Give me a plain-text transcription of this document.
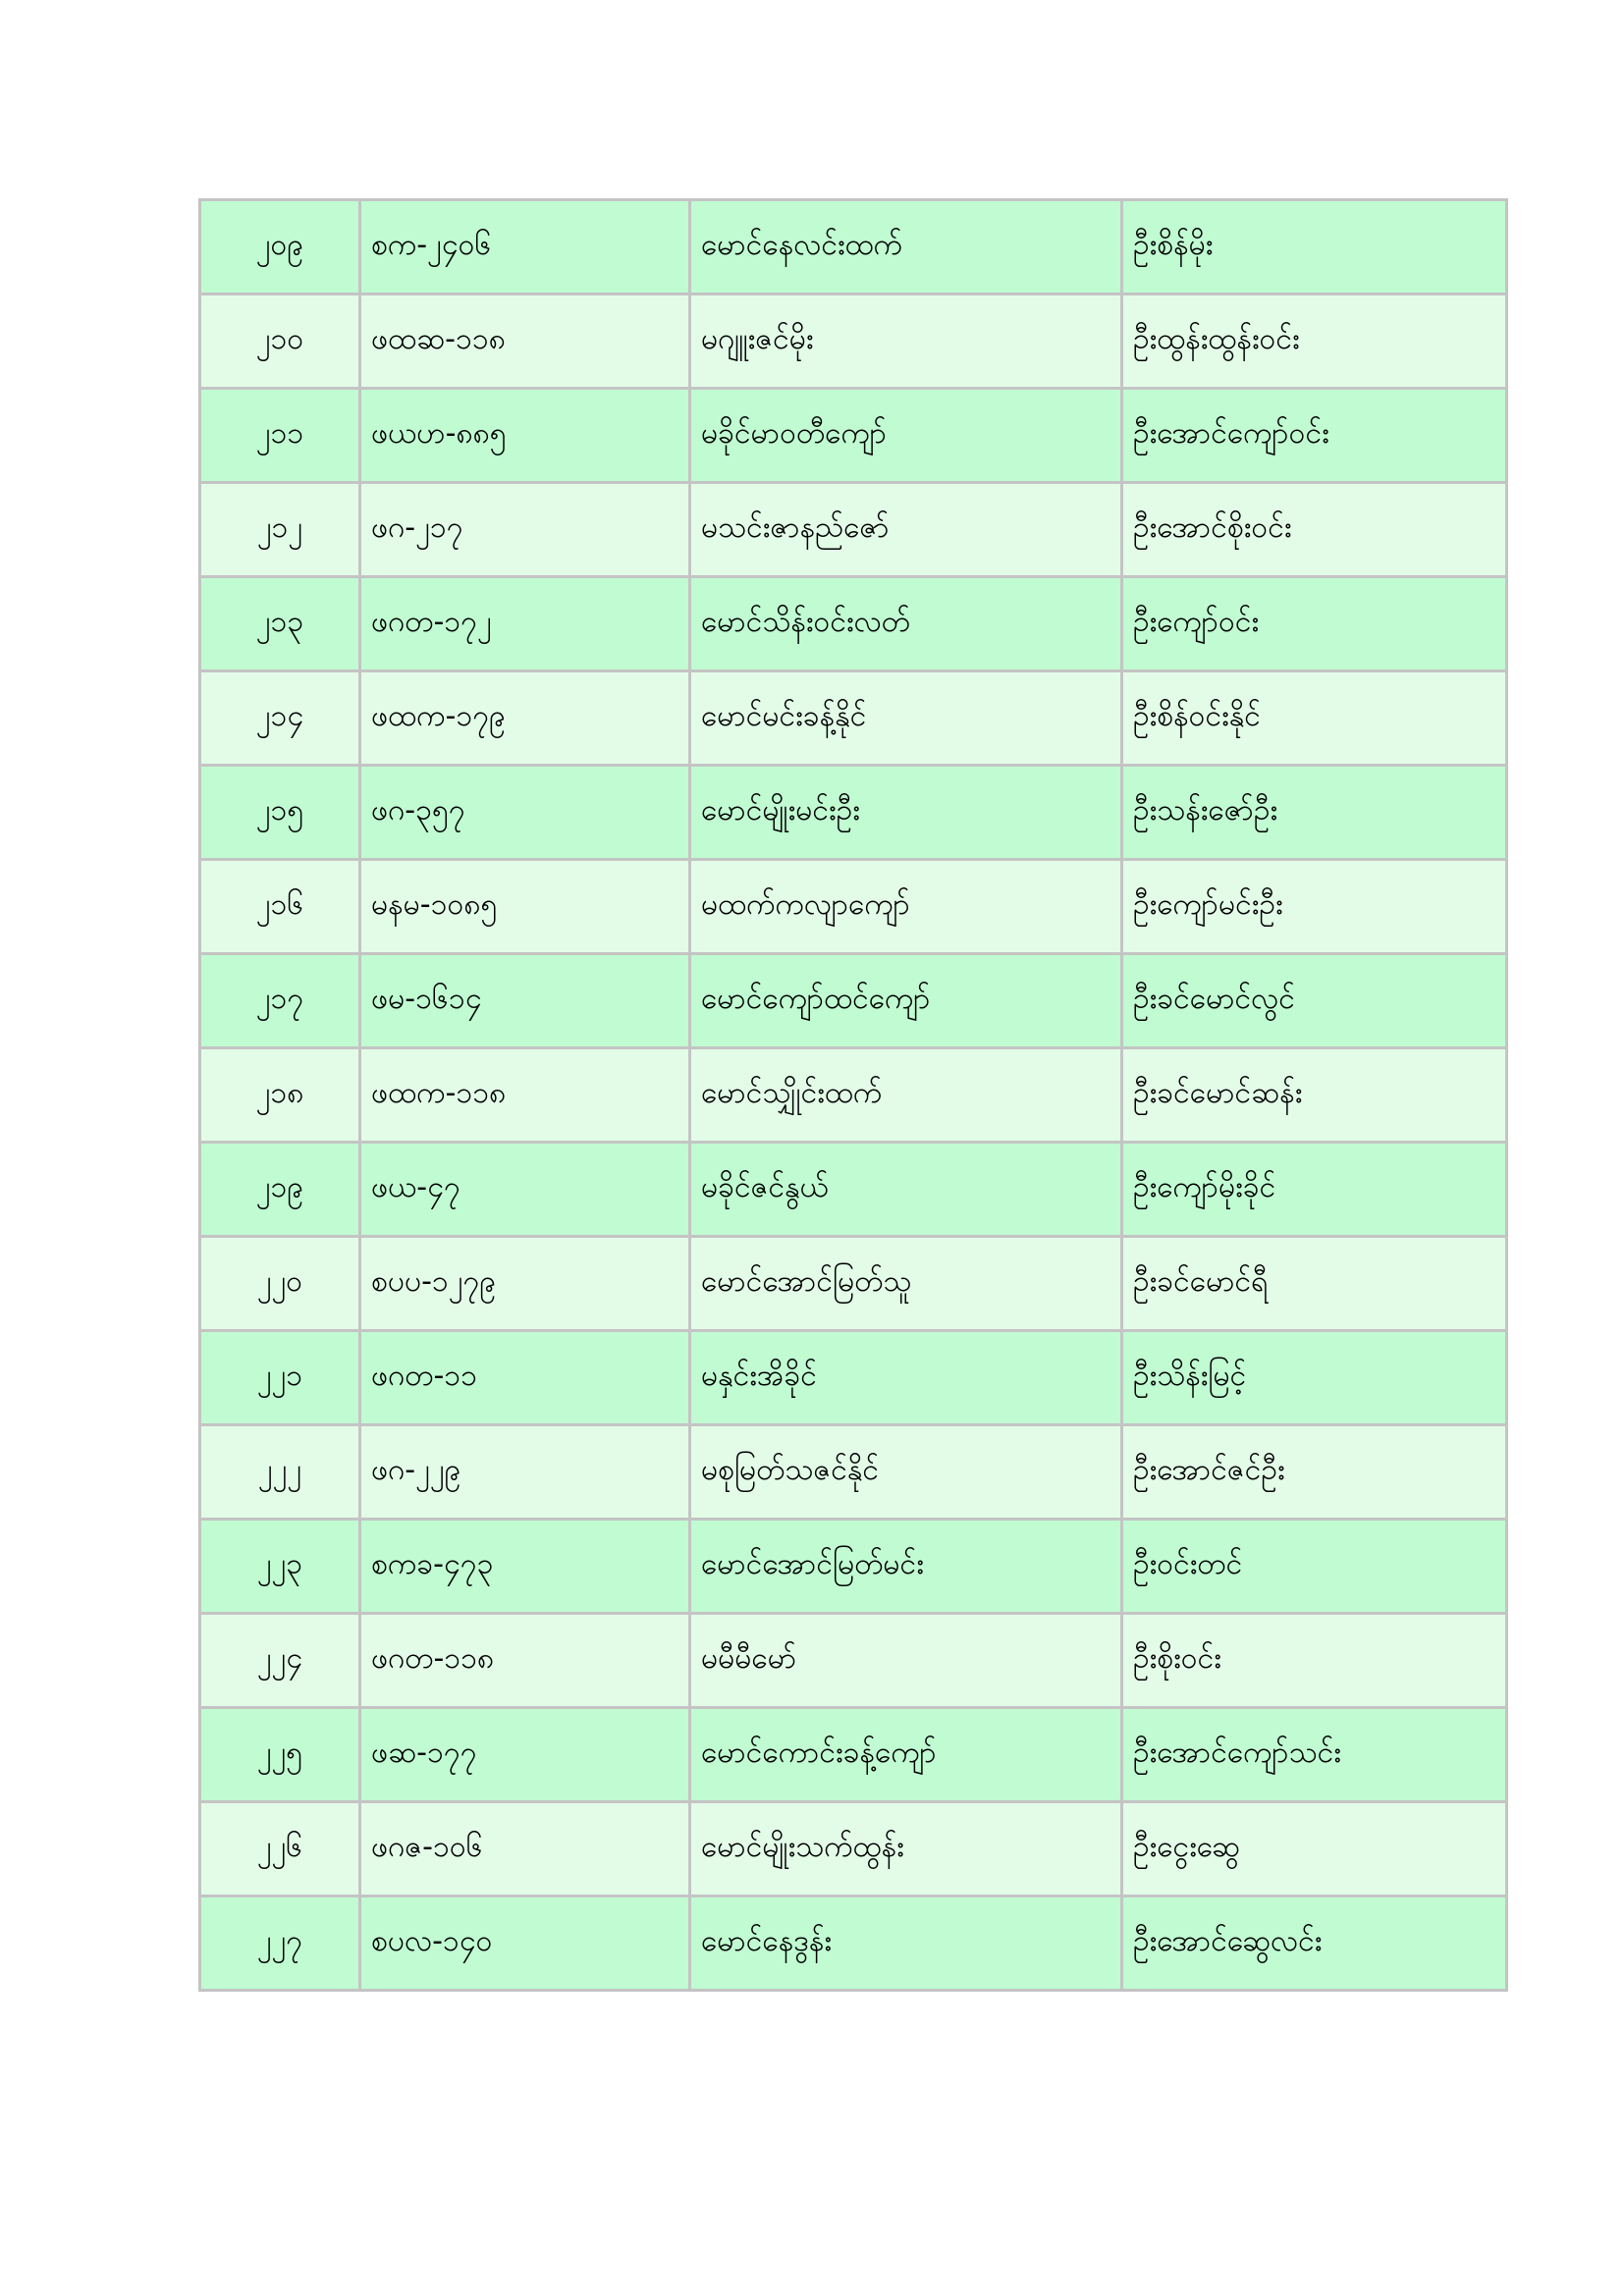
၂၀၉	စက-၂၄၀၆	မောင်နေလင်းထက်	ဦးစိန်မိုး
၂၁၀	ဖထဆ-၁၁၈	မဂျူးဇင်မိုး	ဦးထွန်းထွန်းဝင်း
၂၁၁	ဖယဟ-၈၈၅	မခိုင်မာဝတီကျော်	ဦးအောင်ကျော်ဝင်း
၂၁၂	ဖဂ-၂၁၇	မသင်းဇာနည်ဇော်	ဦးအောင်စိုးဝင်း
၂၁၃	ဖဂတ-၁၇၂	မောင်သိန်းဝင်းလတ်	ဦးကျော်ဝင်း
၂၁၄	ဖထက-၁၇၉	မောင်မင်းခန့်နိုင်	ဦးစိန်ဝင်းနိုင်
၂၁၅	ဖဂ-၃၅၇	မောင်မျိုးမင်းဦး	ဦးသန်းဇော်ဦး
၂၁၆	မနမ-၁၀၈၅	မထက်ကလျာကျော်	ဦးကျော်မင်းဦး
၂၁၇	ဖမ-၁၆၁၄	မောင်ကျော်ထင်ကျော်	ဦးခင်မောင်လွင်
၂၁၈	ဖထက-၁၁၈	မောင်သျှိုင်းထက်	ဦးခင်မောင်ဆန်း
၂၁၉	ဖယ-၄၇	မခိုင်ဇင်နွယ်	ဦးကျော်မိုးခိုင်
၂၂၀	စပပ-၁၂၇၉	မောင်အောင်မြတ်သူ	ဦးခင်မောင်ရီ
၂၂၁	ဖဂတ-၁၁	မနှင်းအိခိုင်	ဦးသိန်းမြင့်
၂၂၂	ဖဂ-၂၂၉	မစုမြတ်သဇင်နိုင်	ဦးအောင်ဇင်ဦး
၂၂၃	စကခ-၄၇၃	မောင်အောင်မြတ်မင်း	ဦးဝင်းတင်
၂၂၄	ဖဂတ-၁၁၈	မမီမီမော်	ဦးစိုးဝင်း
၂၂၅	ဖဆ-၁၇၇	မောင်ကောင်းခန့်ကျော်	ဦးအောင်ကျော်သင်း
၂၂၆	ဖဂဇ-၁၀၆	မောင်မျိုးသက်ထွန်း	ဦးငွေးဆွေ
၂၂၇	စပလ-၁၄၀	မောင်နေဒွန်း	ဦးအောင်ဆွေလင်း
